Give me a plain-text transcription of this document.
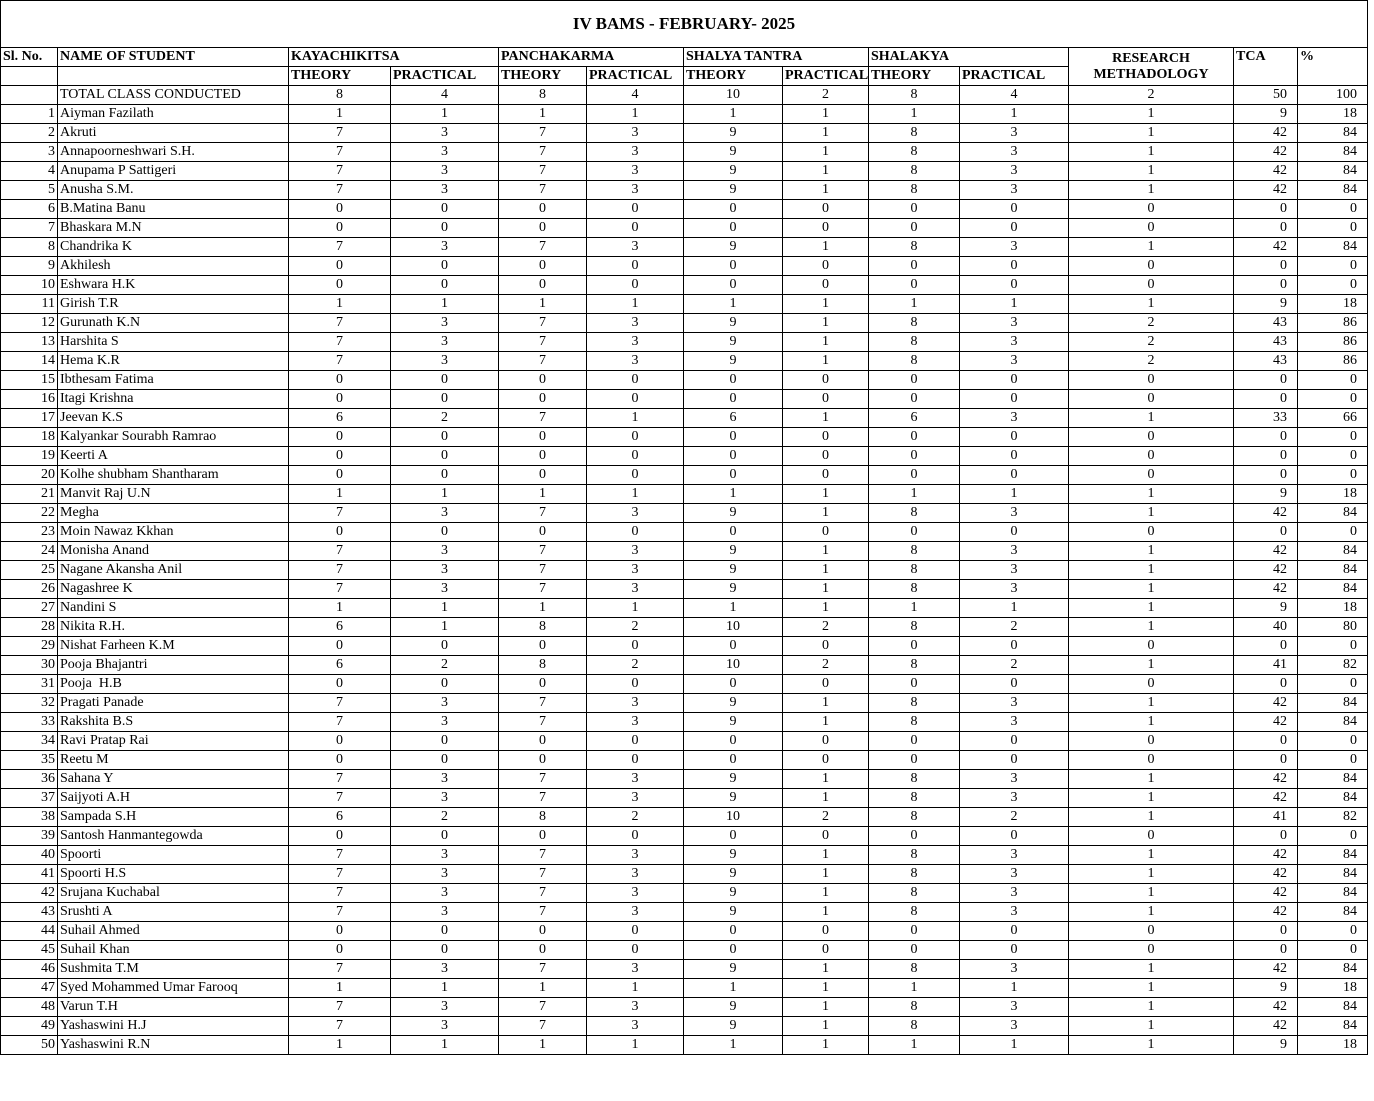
IV BAMS - FEBRUARY- 2025												
Sl. No.	NAME OF STUDENT	KAYACHIKITSA		PANCHAKARMA		SHALYA TANTRA		SHALAKYA		RESEARCH METHADOLOGY	TCA	%
		THEORY	PRACTICAL	THEORY	PRACTICAL	THEORY	PRACTICAL	THEORY	PRACTICAL			
	TOTAL CLASS CONDUCTED	8	4	8	4	10	2	8	4	2	50	100
1	Aiyman Fazilath	1	1	1	1	1	1	1	1	1	9	18
2	Akruti	7	3	7	3	9	1	8	3	1	42	84
3	Annapoorneshwari S.H.	7	3	7	3	9	1	8	3	1	42	84
4	Anupama P Sattigeri	7	3	7	3	9	1	8	3	1	42	84
5	Anusha S.M.	7	3	7	3	9	1	8	3	1	42	84
6	B.Matina Banu	0	0	0	0	0	0	0	0	0	0	0
7	Bhaskara M.N	0	0	0	0	0	0	0	0	0	0	0
8	Chandrika K	7	3	7	3	9	1	8	3	1	42	84
9	Akhilesh	0	0	0	0	0	0	0	0	0	0	0
10	Eshwara H.K	0	0	0	0	0	0	0	0	0	0	0
11	Girish T.R	1	1	1	1	1	1	1	1	1	9	18
12	Gurunath K.N	7	3	7	3	9	1	8	3	2	43	86
13	Harshita S	7	3	7	3	9	1	8	3	2	43	86
14	Hema K.R	7	3	7	3	9	1	8	3	2	43	86
15	Ibthesam Fatima	0	0	0	0	0	0	0	0	0	0	0
16	Itagi Krishna	0	0	0	0	0	0	0	0	0	0	0
17	Jeevan K.S	6	2	7	1	6	1	6	3	1	33	66
18	Kalyankar Sourabh Ramrao	0	0	0	0	0	0	0	0	0	0	0
19	Keerti A	0	0	0	0	0	0	0	0	0	0	0
20	Kolhe shubham Shantharam	0	0	0	0	0	0	0	0	0	0	0
21	Manvit Raj U.N	1	1	1	1	1	1	1	1	1	9	18
22	Megha	7	3	7	3	9	1	8	3	1	42	84
23	Moin Nawaz Kkhan	0	0	0	0	0	0	0	0	0	0	0
24	Monisha Anand	7	3	7	3	9	1	8	3	1	42	84
25	Nagane Akansha Anil	7	3	7	3	9	1	8	3	1	42	84
26	Nagashree K	7	3	7	3	9	1	8	3	1	42	84
27	Nandini S	1	1	1	1	1	1	1	1	1	9	18
28	Nikita R.H.	6	1	8	2	10	2	8	2	1	40	80
29	Nishat Farheen K.M	0	0	0	0	0	0	0	0	0	0	0
30	Pooja Bhajantri	6	2	8	2	10	2	8	2	1	41	82
31	Pooja  H.B	0	0	0	0	0	0	0	0	0	0	0
32	Pragati Panade	7	3	7	3	9	1	8	3	1	42	84
33	Rakshita B.S	7	3	7	3	9	1	8	3	1	42	84
34	Ravi Pratap Rai	0	0	0	0	0	0	0	0	0	0	0
35	Reetu M	0	0	0	0	0	0	0	0	0	0	0
36	Sahana Y	7	3	7	3	9	1	8	3	1	42	84
37	Saijyoti A.H	7	3	7	3	9	1	8	3	1	42	84
38	Sampada S.H	6	2	8	2	10	2	8	2	1	41	82
39	Santosh Hanmantegowda	0	0	0	0	0	0	0	0	0	0	0
40	Spoorti	7	3	7	3	9	1	8	3	1	42	84
41	Spoorti H.S	7	3	7	3	9	1	8	3	1	42	84
42	Srujana Kuchabal	7	3	7	3	9	1	8	3	1	42	84
43	Srushti A	7	3	7	3	9	1	8	3	1	42	84
44	Suhail Ahmed	0	0	0	0	0	0	0	0	0	0	0
45	Suhail Khan	0	0	0	0	0	0	0	0	0	0	0
46	Sushmita T.M	7	3	7	3	9	1	8	3	1	42	84
47	Syed Mohammed Umar Farooq	1	1	1	1	1	1	1	1	1	9	18
48	Varun T.H	7	3	7	3	9	1	8	3	1	42	84
49	Yashaswini H.J	7	3	7	3	9	1	8	3	1	42	84
50	Yashaswini R.N	1	1	1	1	1	1	1	1	1	9	18
